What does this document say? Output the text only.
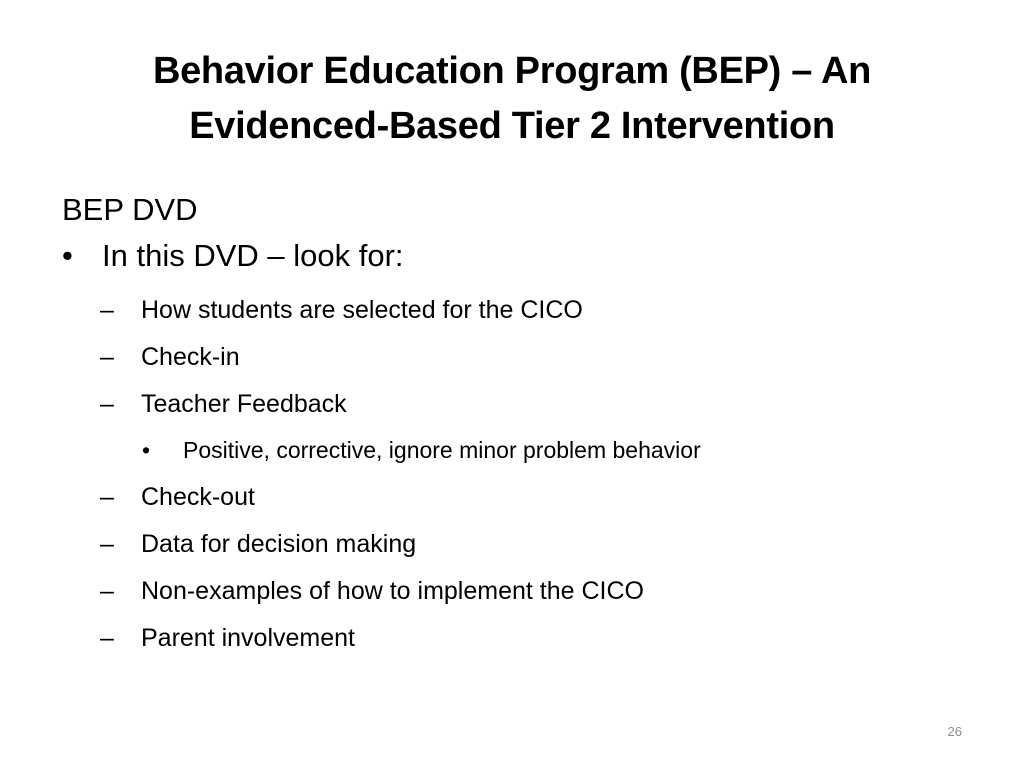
Behavior Education Program (BEP) – An
Evidenced-Based Tier 2 Intervention
BEP DVD
• In this DVD – look for:
– How students are selected for the CICO
– Check-in
– Teacher Feedback
• Positive, corrective, ignore minor problem behavior
– Check-out
– Data for decision making
– Non-examples of how to implement the CICO
– Parent involvement
26
